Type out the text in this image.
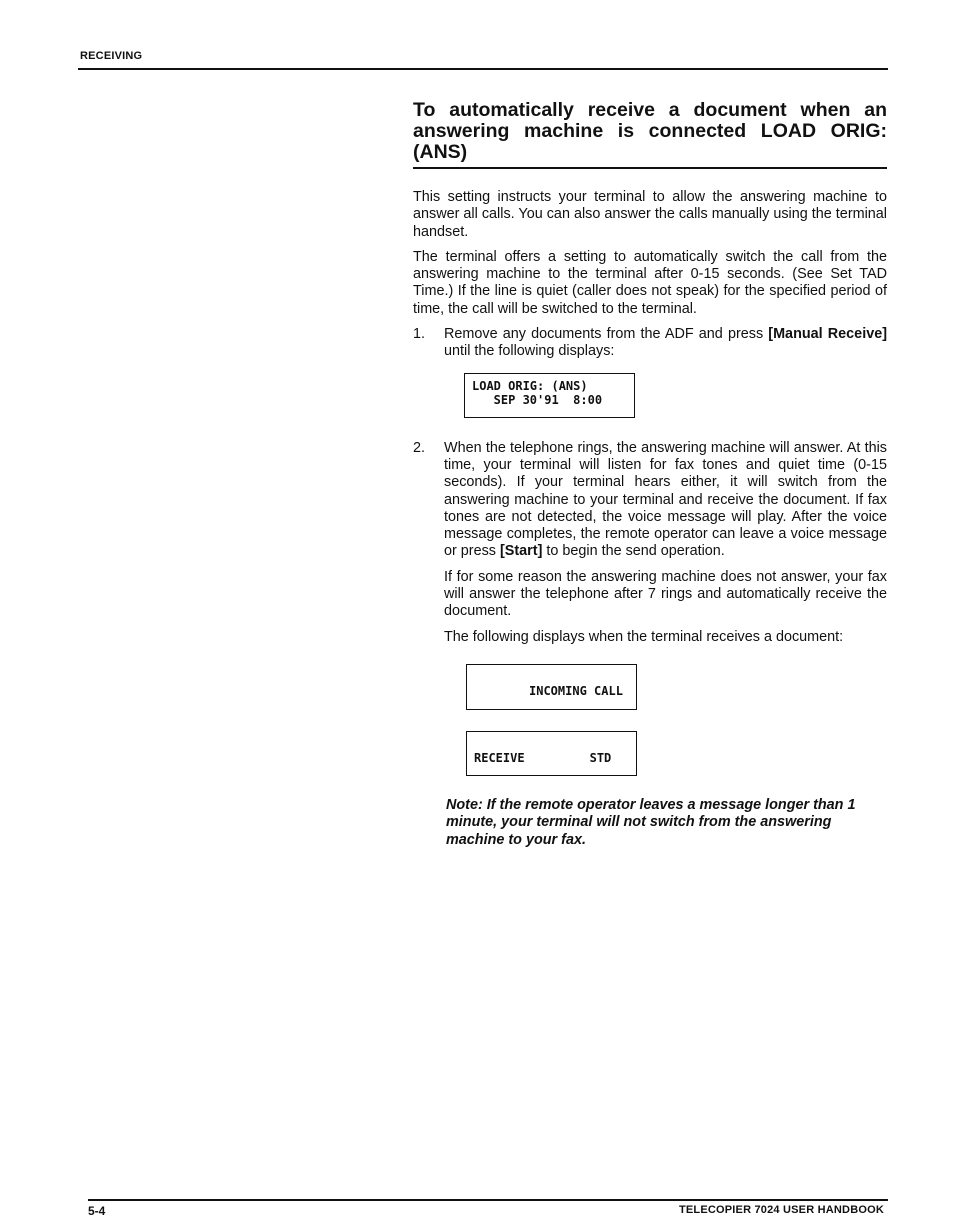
RECEIVING
To automatically receive a document when an answering machine is connected LOAD ORIG: (ANS)

This setting instructs your terminal to allow the answering machine to answer all calls. You can also answer the calls manually using the terminal handset.

The terminal offers a setting to automatically switch the call from the answering machine to the terminal after 0-15 seconds. (See Set TAD Time.) If the line is quiet (caller does not speak) for the specified period of time, the call will be switched to the terminal.

1. Remove any documents from the ADF and press [Manual Receive] until the following displays:
LOAD ORIG: (ANS)
SEP 30'91  8:00
2. When the telephone rings, the answering machine will answer. At this time, your terminal will listen for fax tones and quiet time (0-15 seconds). If your terminal hears either, it will switch from the answering machine to your terminal and receive the document. If fax tones are not detected, the voice message will play. After the voice message completes, the remote operator can leave a voice message or press [Start] to begin the send operation.

If for some reason the answering machine does not answer, your fax will answer the telephone after 7 rings and automatically receive the document.

The following displays when the terminal receives a document:

INCOMING CALL
RECEIVE         STD

Note: If the remote operator leaves a message longer than 1 minute, your terminal will not switch from the answering machine to your fax.

5-4	TELECOPIER 7024 USER HANDBOOK
